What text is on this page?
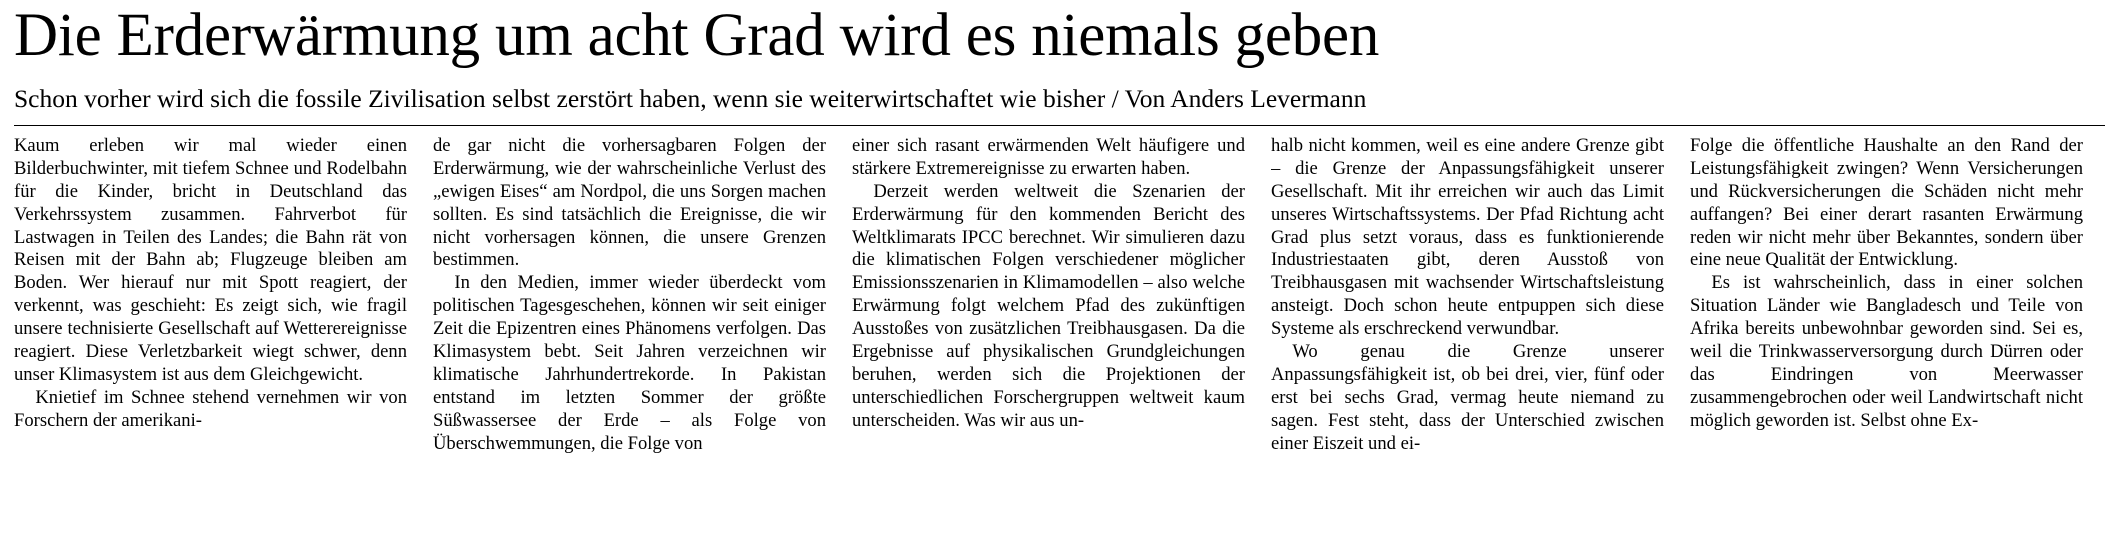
Die Erderwärmung um acht Grad wird es niemals geben
Schon vorher wird sich die fossile Zivilisation selbst zerstört haben, wenn sie weiterwirtschaftet wie bisher / Von Anders Levermann

Kaum erleben wir mal wieder einen Bilderbuchwinter, mit tiefem Schnee und Rodelbahn für die Kinder, bricht in Deutschland das Verkehrssystem zusammen. Fahrverbot für Lastwagen in Teilen des Landes; die Bahn rät von Reisen mit der Bahn ab; Flugzeuge bleiben am Boden. Wer hierauf nur mit Spott reagiert, der verkennt, was geschieht: Es zeigt sich, wie fragil unsere technisierte Gesellschaft auf Wetterereignisse reagiert. Diese Verletzbarkeit wiegt schwer, denn unser Klimasystem ist aus dem Gleichgewicht.

Knietief im Schnee stehend vernehmen wir von Forschern der amerikani-

de gar nicht die vorhersagbaren Folgen der Erderwärmung, wie der wahrscheinliche Verlust des „ewigen Eises“ am Nordpol, die uns Sorgen machen sollten. Es sind tatsächlich die Ereignisse, die wir nicht vorhersagen können, die unsere Grenzen bestimmen.

In den Medien, immer wieder überdeckt vom politischen Tagesgeschehen, können wir seit einiger Zeit die Epizentren eines Phänomens verfolgen. Das Klimasystem bebt. Seit Jahren verzeichnen wir klimatische Jahrhundertrekorde. In Pakistan entstand im letzten Sommer der größte Süßwassersee der Erde – als Folge von Überschwemmungen, die Folge von

einer sich rasant erwärmenden Welt häufigere und stärkere Extremereignisse zu erwarten haben.

Derzeit werden weltweit die Szenarien der Erderwärmung für den kommenden Bericht des Weltklimarats IPCC berechnet. Wir simulieren dazu die klimatischen Folgen verschiedener möglicher Emissionsszenarien in Klimamodellen – also welche Erwärmung folgt welchem Pfad des zukünftigen Ausstoßes von zusätzlichen Treibhausgasen. Da die Ergebnisse auf physikalischen Grundgleichungen beruhen, werden sich die Projektionen der unterschiedlichen Forschergruppen weltweit kaum unterscheiden. Was wir aus un-

halb nicht kommen, weil es eine andere Grenze gibt – die Grenze der Anpassungsfähigkeit unserer Gesellschaft. Mit ihr erreichen wir auch das Limit unseres Wirtschaftssystems. Der Pfad Richtung acht Grad plus setzt voraus, dass es funktionierende Industriestaaten gibt, deren Ausstoß von Treibhausgasen mit wachsender Wirtschaftsleistung ansteigt. Doch schon heute entpuppen sich diese Systeme als erschreckend verwundbar.

Wo genau die Grenze unserer Anpassungsfähigkeit ist, ob bei drei, vier, fünf oder erst bei sechs Grad, vermag heute niemand zu sagen. Fest steht, dass der Unterschied zwischen einer Eiszeit und ei-

Folge die öffentliche Haushalte an den Rand der Leistungsfähigkeit zwingen? Wenn Versicherungen und Rückversicherungen die Schäden nicht mehr auffangen? Bei einer derart rasanten Erwärmung reden wir nicht mehr über Bekanntes, sondern über eine neue Qualität der Entwicklung.

Es ist wahrscheinlich, dass in einer solchen Situation Länder wie Bangladesch und Teile von Afrika bereits unbewohnbar geworden sind. Sei es, weil die Trinkwasserversorgung durch Dürren oder das Eindringen von Meerwasser zusammengebrochen oder weil Landwirtschaft nicht möglich geworden ist. Selbst ohne Ex-
